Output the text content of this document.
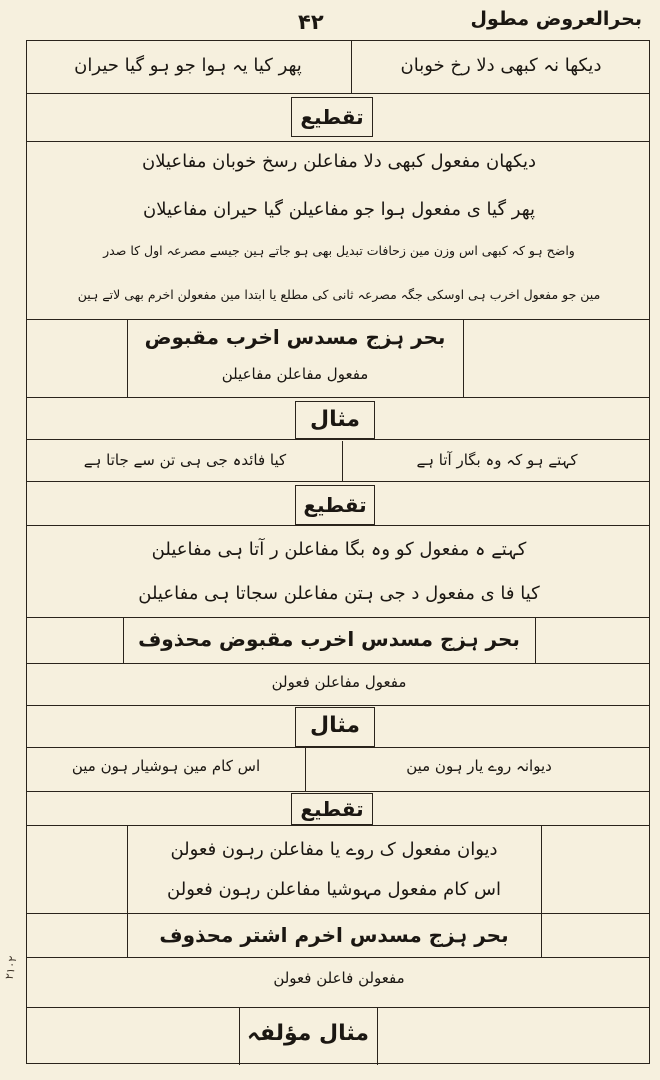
بحرالعروض مطول
۴۲
۲۱۰۲
دیکھا نہ کبھی دلا رخ خوبان
پھر کیا یہ ہوا جو ہو گیا حیران
تقطیع
دیکھان مفعول کبھی دلا مفاعلن رسخ خوبان مفاعیلان
پھر گیا ی مفعول ہوا جو مفاعیلن گیا حیران مفاعیلان
واضح ہو کہ کبھی اس وزن مین زحافات تبدیل بھی ہو جاتے ہین جیسے مصرعہ اول کا صدر
مین جو مفعول اخرب ہی اوسکی جگہ مصرعہ ثانی کی مطلع یا ابتدا مین مفعولن اخرم بھی لاتے ہین
بحر ہزج مسدس اخرب مقبوض
مفعول مفاعلن مفاعیلن
مثال
کہتے ہو کہ وہ بگار آتا ہے
کیا فائدہ جی ہی تن سے جاتا ہے
تقطیع
کہتے ہ مفعول کو وہ بگا مفاعلن ر آتا ہی مفاعیلن
کیا فا ی مفعول د جی ہتن مفاعلن سجاتا ہی مفاعیلن
بحر ہزج مسدس اخرب مقبوض محذوف
مفعول مفاعلن فعولن
مثال
دیوانہ روے یار ہون مین
اس کام مین ہوشیار ہون مین
تقطیع
دیوان مفعول ک روے یا مفاعلن رہون فعولن
اس کام مفعول مہوشیا مفاعلن رہون فعولن
بحر ہزج مسدس اخرم اشتر محذوف
مفعولن فاعلن فعولن
مثال مؤلفہ
